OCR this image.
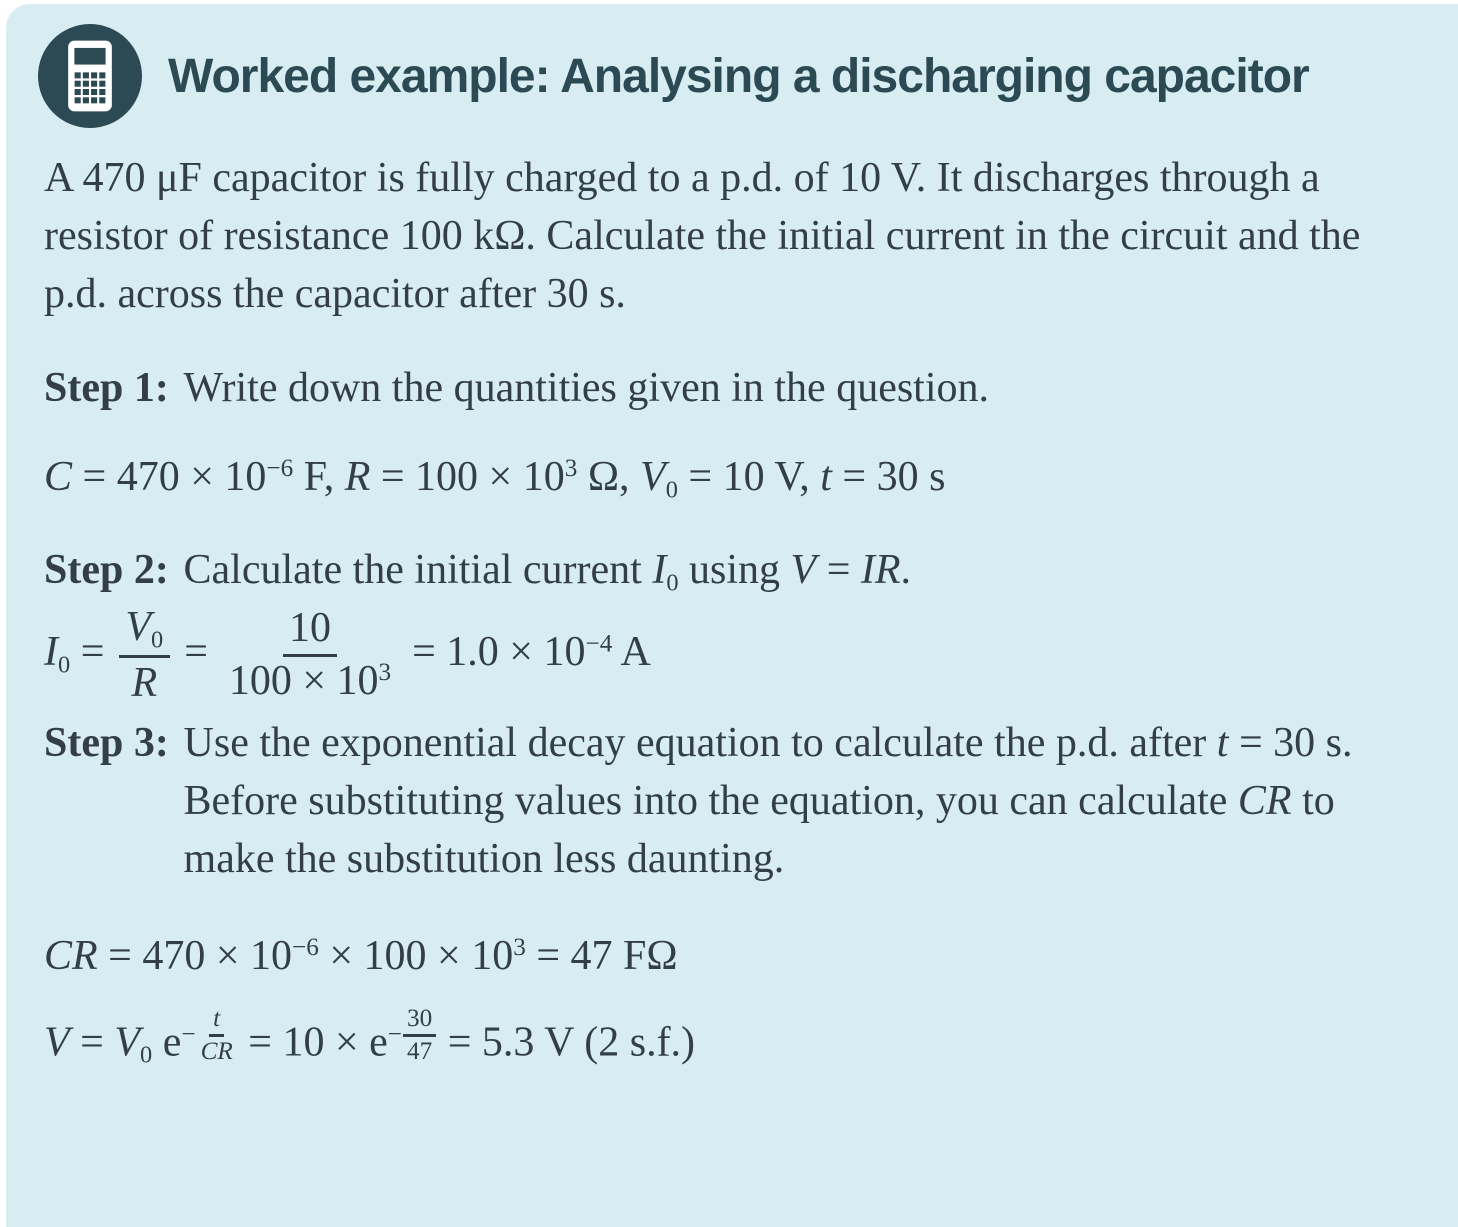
Worked example: Analysing a discharging capacitor

A 470 μF capacitor is fully charged to a p.d. of 10 V. It discharges through a resistor of resistance 100 kΩ. Calculate the initial current in the circuit and the p.d. across the capacitor after 30 s.

Step 1: Write down the quantities given in the question.

$C = 470 \times 10^{-6}$ F, $R = 100 \times 10^3$ Ω, V0 = 10 V, t = 30 s

Step 2: Calculate the initial current I0 using V = IR.

$I0 = \frac{V0}{R} = \frac{10}{100 \times 10^3} = 1.0 \times 10^{-4}$ A

Step 3: Use the exponential decay equation to calculate the p.d. after t = 30 s. Before substituting values into the equation, you can calculate CR to make the substitution less daunting.

CR = $470 \times 10^{-6} \times 100 \times 10^3 = 47$ FΩ

V = V0 $e^{- \frac{t}{CR}} = 10 \times e^{- \frac{30}{47}} = 5.3$ V (2 s.f.)
